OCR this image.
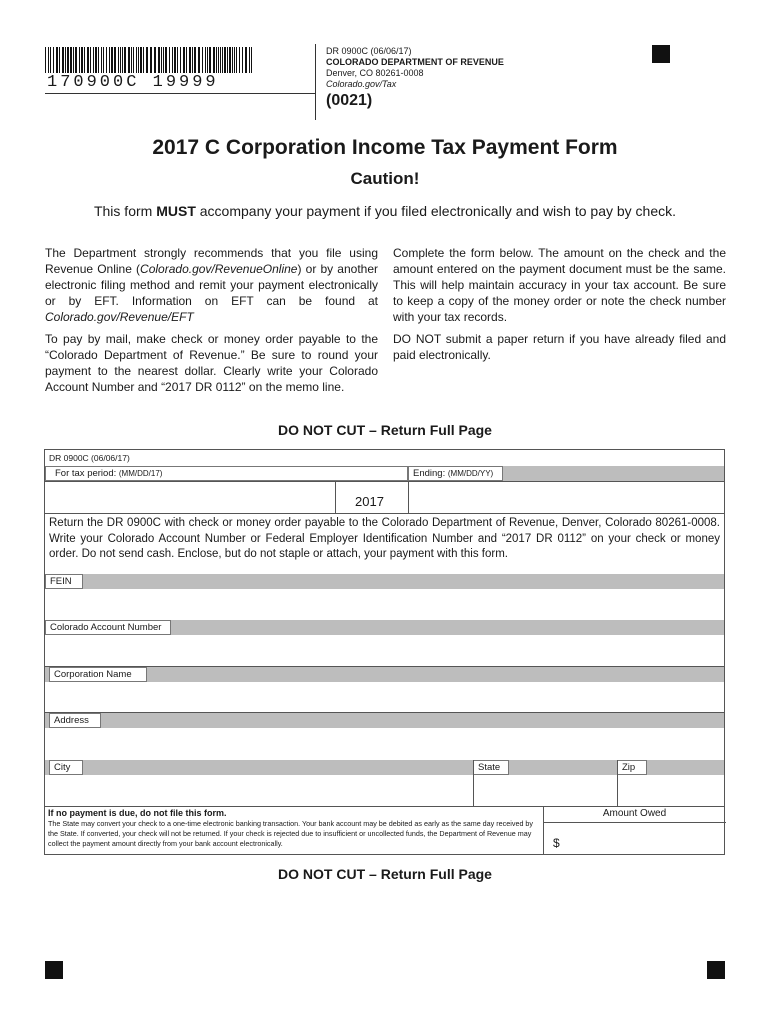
170900C 19999
DR 0900C (06/06/17)
COLORADO DEPARTMENT OF REVENUE
Denver, CO 80261-0008
Colorado.gov/Tax
(0021)
2017 C Corporation Income Tax Payment Form
Caution!
This form MUST accompany your payment if you filed electronically and wish to pay by check.

The Department strongly recommends that you file using Revenue Online (Colorado.gov/RevenueOnline) or by another electronic filing method and remit your payment electronically or by EFT. Information on EFT can be found at Colorado.gov/Revenue/EFT

To pay by mail, make check or money order payable to the “Colorado Department of Revenue.” Be sure to round your payment to the nearest dollar. Clearly write your Colorado Account Number and “2017 DR 0112” on the memo line.

Complete the form below. The amount on the check and the amount entered on the payment document must be the same. This will help maintain accuracy in your tax account. Be sure to keep a copy of the money order or note the check number with your tax records.

DO NOT submit a paper return if you have already filed and paid electronically.

DO NOT CUT – Return Full Page
DR 0900C (06/06/17)
For tax period: (MM/DD/17)	Ending: (MM/DD/YY)
2017
Return the DR 0900C with check or money order payable to the Colorado Department of Revenue, Denver, Colorado 80261-0008. Write your Colorado Account Number or Federal Employer Identification Number and “2017 DR 0112” on your check or money order. Do not send cash. Enclose, but do not staple or attach, your payment with this form.
FEIN
Colorado Account Number
Corporation Name
Address
City	State	Zip
If no payment is due, do not file this form.
The State may convert your check to a one-time electronic banking transaction. Your bank account may be debited as early as the same day received by the State. If converted, your check will not be returned. If your check is rejected due to insufficient or uncollected funds, the Department of Revenue may collect the payment amount directly from your bank account electronically.
Amount Owed
$
DO NOT CUT – Return Full Page
